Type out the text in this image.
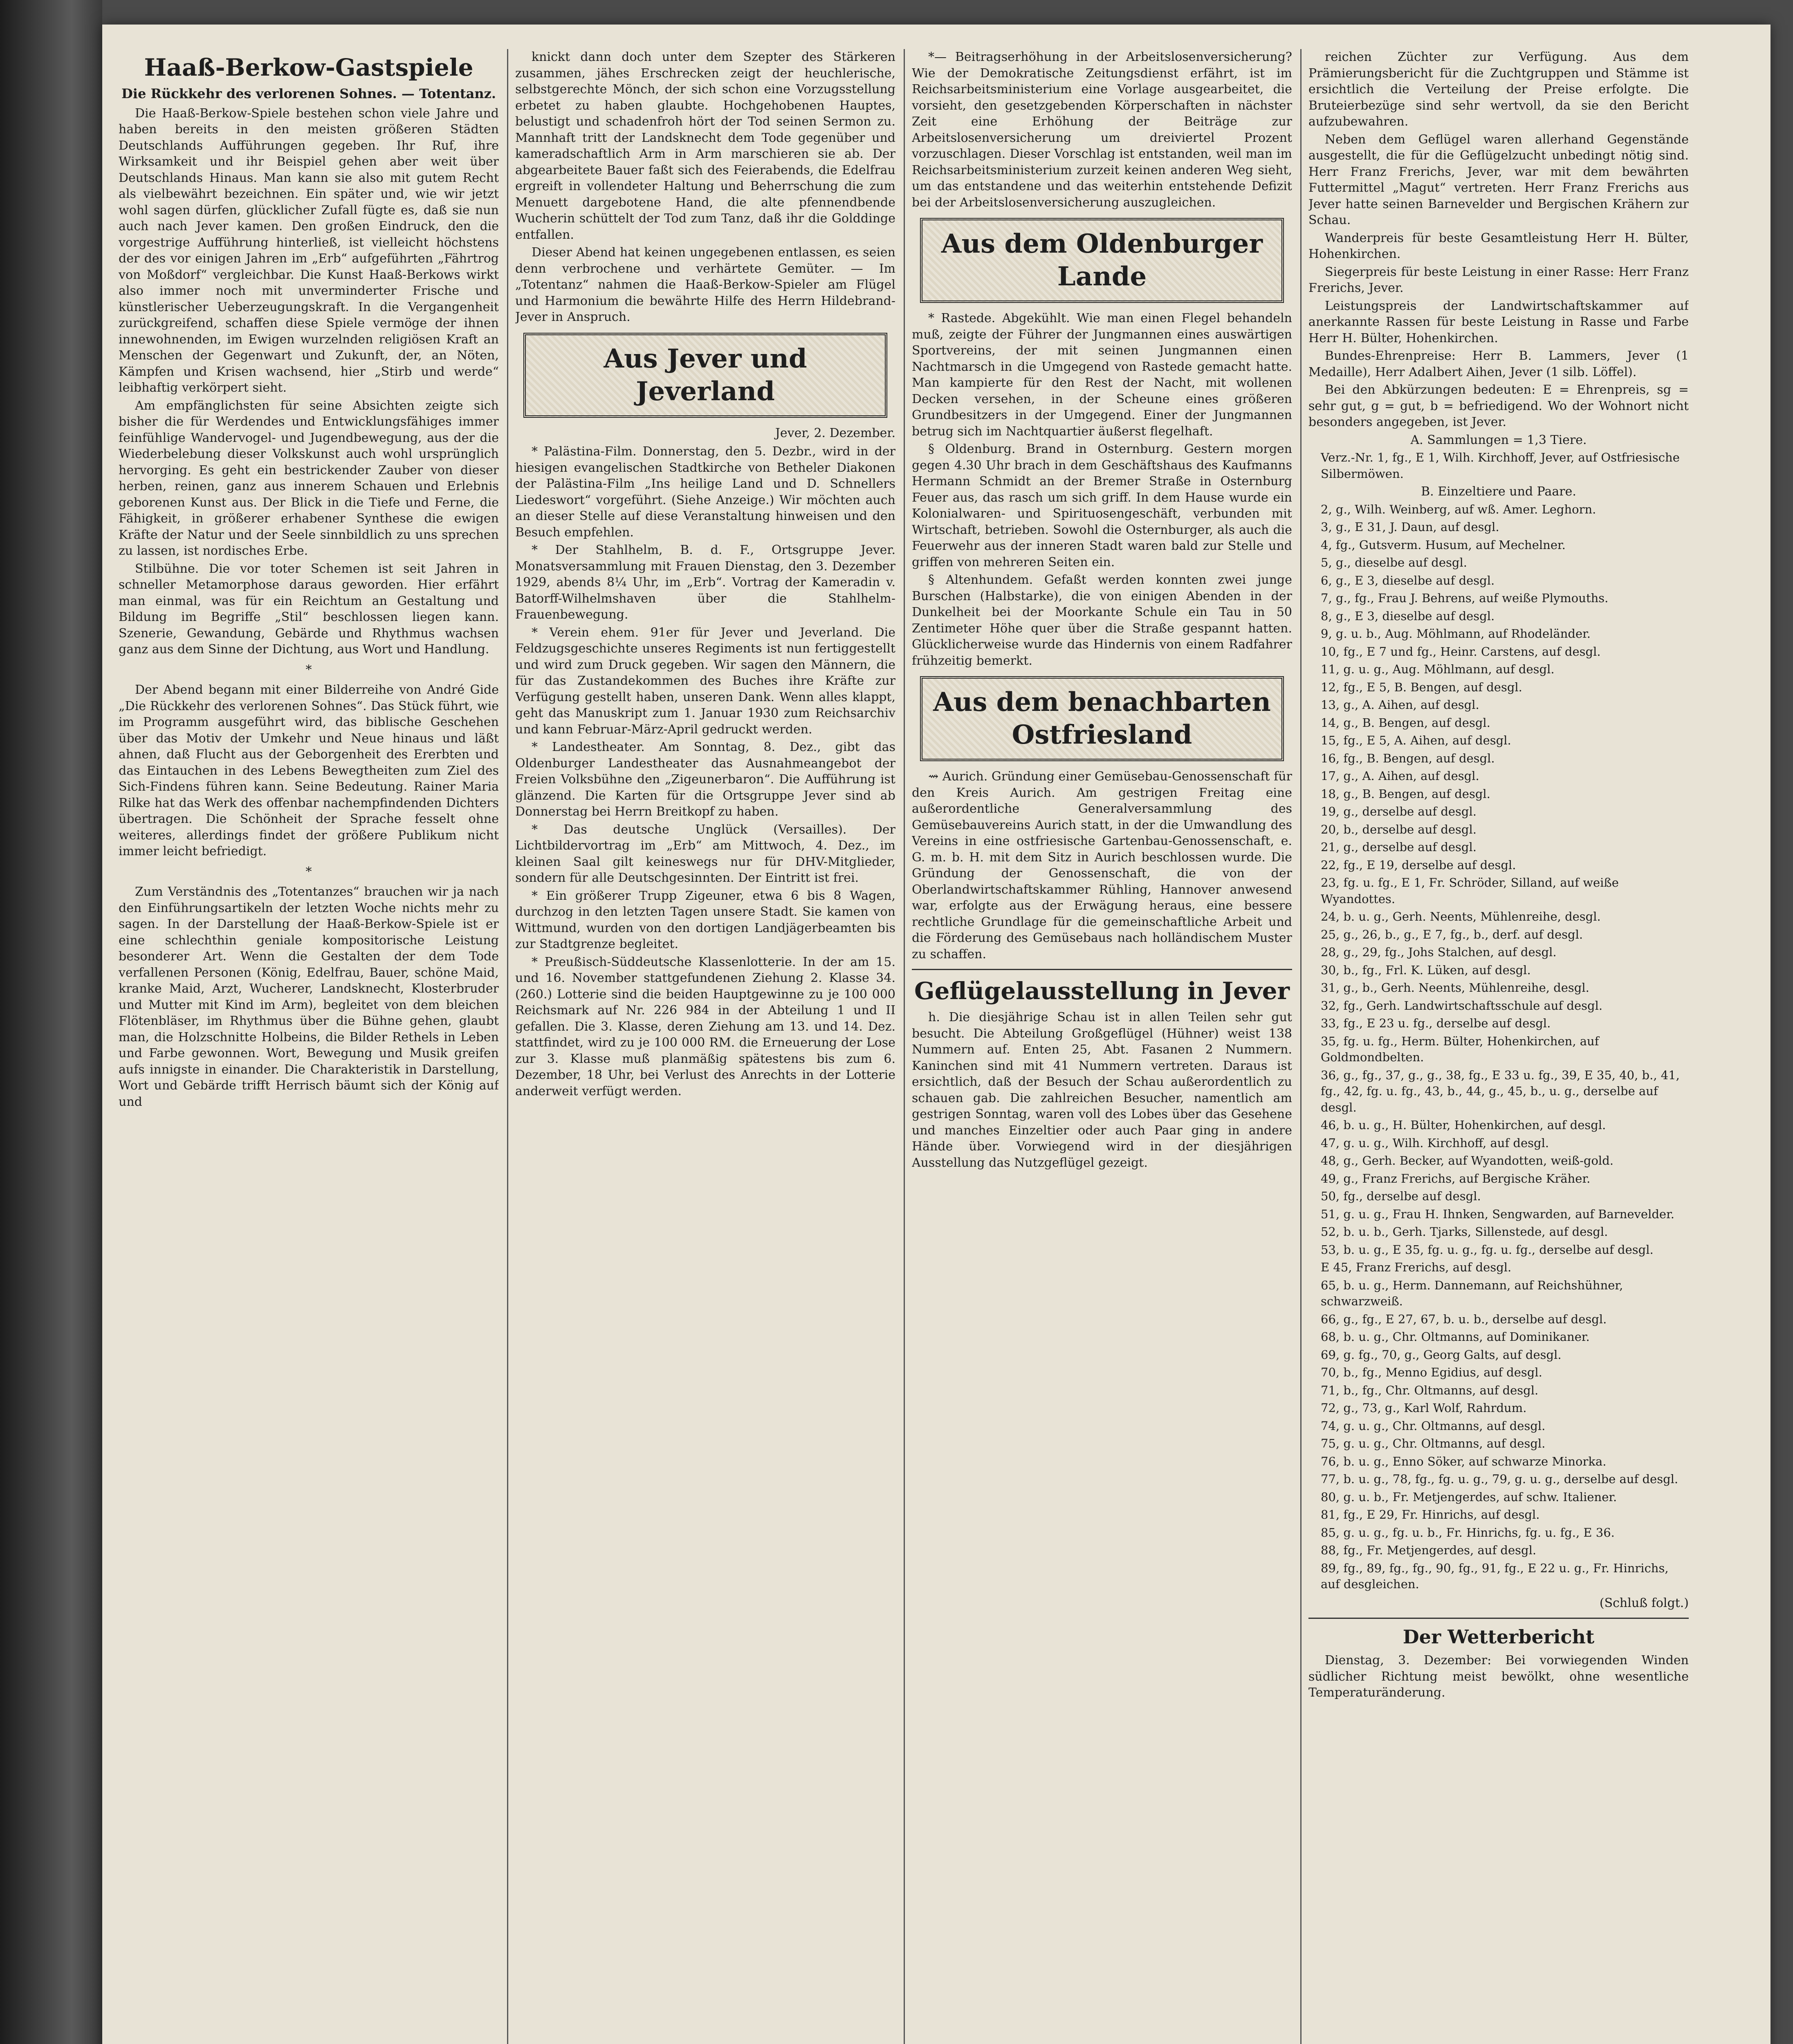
Haaß-Berkow-Gastspiele
Die Rückkehr des verlorenen Sohnes. — Totentanz.

Die Haaß-Berkow-Spiele bestehen schon viele Jahre und haben bereits in den meisten größeren Städten Deutschlands Aufführungen gegeben. Ihr Ruf, ihre Wirksamkeit und ihr Beispiel gehen aber weit über Deutschlands Hinaus. Man kann sie also mit gutem Recht als vielbewährt bezeichnen. Ein später und, wie wir jetzt wohl sagen dürfen, glücklicher Zufall fügte es, daß sie nun auch nach Jever kamen. Den großen Eindruck, den die vorgestrige Aufführung hinterließ, ist vielleicht höchstens der des vor einigen Jahren im „Erb“ aufgeführten „Fährtrog von Moßdorf“ vergleichbar. Die Kunst Haaß-Berkows wirkt also immer noch mit unverminderter Frische und künstlerischer Ueberzeugungskraft. In die Vergangenheit zurückgreifend, schaffen diese Spiele vermöge der ihnen innewohnenden, im Ewigen wurzelnden religiösen Kraft an Menschen der Gegenwart und Zukunft, der, an Nöten, Kämpfen und Krisen wachsend, hier „Stirb und werde“ leibhaftig verkörpert sieht.

Am empfänglichsten für seine Absichten zeigte sich bisher die für Werdendes und Entwicklungsfähiges immer feinfühlige Wandervogel- und Jugendbewegung, aus der die Wiederbelebung dieser Volkskunst auch wohl ursprünglich hervorging. Es geht ein bestrickender Zauber von dieser herben, reinen, ganz aus innerem Schauen und Erlebnis geborenen Kunst aus. Der Blick in die Tiefe und Ferne, die Fähigkeit, in größerer erhabener Synthese die ewigen Kräfte der Natur und der Seele sinnbildlich zu uns sprechen zu lassen, ist nordisches Erbe.

Stilbühne. Die vor toter Schemen ist seit Jahren in schneller Metamorphose daraus geworden. Hier erfährt man einmal, was für ein Reichtum an Gestaltung und Bildung im Begriffe „Stil“ beschlossen liegen kann. Szenerie, Gewandung, Gebärde und Rhythmus wachsen ganz aus dem Sinne der Dichtung, aus Wort und Handlung.

*

Der Abend begann mit einer Bilderreihe von André Gide „Die Rückkehr des verlorenen Sohnes“. Das Stück führt, wie im Programm ausgeführt wird, das biblische Geschehen über das Motiv der Umkehr und Neue hinaus und läßt ahnen, daß Flucht aus der Geborgenheit des Ererbten und das Eintauchen in des Lebens Bewegtheiten zum Ziel des Sich-Findens führen kann. Seine Bedeutung. Rainer Maria Rilke hat das Werk des offenbar nachempfindenden Dichters übertragen. Die Schönheit der Sprache fesselt ohne weiteres, allerdings findet der größere Publikum nicht immer leicht befriedigt.

*

Zum Verständnis des „Totentanzes“ brauchen wir ja nach den Einführungsartikeln der letzten Woche nichts mehr zu sagen. In der Darstellung der Haaß-Berkow-Spiele ist er eine schlechthin geniale kompositorische Leistung besonderer Art. Wenn die Gestalten der dem Tode verfallenen Personen (König, Edelfrau, Bauer, schöne Maid, kranke Maid, Arzt, Wucherer, Landsknecht, Klosterbruder und Mutter mit Kind im Arm), begleitet von dem bleichen Flötenbläser, im Rhythmus über die Bühne gehen, glaubt man, die Holzschnitte Holbeins, die Bilder Rethels in Leben und Farbe gewonnen. Wort, Bewegung und Musik greifen aufs innigste in einander. Die Charakteristik in Darstellung, Wort und Gebärde trifft Herrisch bäumt sich der König auf und

knickt dann doch unter dem Szepter des Stärkeren zusammen, jähes Erschrecken zeigt der heuchlerische, selbstgerechte Mönch, der sich schon eine Vorzugsstellung erbetet zu haben glaubte. Hochgehobenen Hauptes, belustigt und schadenfroh hört der Tod seinen Sermon zu. Mannhaft tritt der Landsknecht dem Tode gegenüber und kameradschaftlich Arm in Arm marschieren sie ab. Der abgearbeitete Bauer faßt sich des Feierabends, die Edelfrau ergreift in vollendeter Haltung und Beherrschung die zum Menuett dargebotene Hand, die alte pfennendbende Wucherin schüttelt der Tod zum Tanz, daß ihr die Golddinge entfallen.

Dieser Abend hat keinen ungegebenen entlassen, es seien denn verbrochene und verhärtete Gemüter. — Im „Totentanz“ nahmen die Haaß-Berkow-Spieler am Flügel und Harmonium die bewährte Hilfe des Herrn Hildebrand-Jever in Anspruch.

Aus Jever und Jeverland
Jever, 2. Dezember.

* Palästina-Film. Donnerstag, den 5. Dezbr., wird in der hiesigen evangelischen Stadtkirche von Betheler Diakonen der Palästina-Film „Ins heilige Land und D. Schnellers Liedeswort“ vorgeführt. (Siehe Anzeige.) Wir möchten auch an dieser Stelle auf diese Veranstaltung hinweisen und den Besuch empfehlen.

* Der Stahlhelm, B. d. F., Ortsgruppe Jever. Monatsversammlung mit Frauen Dienstag, den 3. Dezember 1929, abends 8¼ Uhr, im „Erb“. Vortrag der Kameradin v. Batorff-Wilhelmshaven über die Stahlhelm-Frauenbewegung.

* Verein ehem. 91er für Jever und Jeverland. Die Feldzugsgeschichte unseres Regiments ist nun fertiggestellt und wird zum Druck gegeben. Wir sagen den Männern, die für das Zustandekommen des Buches ihre Kräfte zur Verfügung gestellt haben, unseren Dank. Wenn alles klappt, geht das Manuskript zum 1. Januar 1930 zum Reichsarchiv und kann Februar-März-April gedruckt werden.

* Landestheater. Am Sonntag, 8. Dez., gibt das Oldenburger Landestheater das Ausnahmeangebot der Freien Volksbühne den „Zigeunerbaron“. Die Aufführung ist glänzend. Die Karten für die Ortsgruppe Jever sind ab Donnerstag bei Herrn Breitkopf zu haben.

* Das deutsche Unglück (Versailles). Der Lichtbildervortrag im „Erb“ am Mittwoch, 4. Dez., im kleinen Saal gilt keineswegs nur für DHV-Mitglieder, sondern für alle Deutschgesinnten. Der Eintritt ist frei.

* Ein größerer Trupp Zigeuner, etwa 6 bis 8 Wagen, durchzog in den letzten Tagen unsere Stadt. Sie kamen von Wittmund, wurden von den dortigen Landjägerbeamten bis zur Stadtgrenze begleitet.

* Preußisch-Süddeutsche Klassenlotterie. In der am 15. und 16. November stattgefundenen Ziehung 2. Klasse 34. (260.) Lotterie sind die beiden Hauptgewinne zu je 100 000 Reichsmark auf Nr. 226 984 in der Abteilung 1 und II gefallen. Die 3. Klasse, deren Ziehung am 13. und 14. Dez. stattfindet, wird zu je 100 000 RM. die Erneuerung der Lose zur 3. Klasse muß planmäßig spätestens bis zum 6. Dezember, 18 Uhr, bei Verlust des Anrechts in der Lotterie anderweit verfügt werden.

*— Beitragserhöhung in der Arbeitslosenversicherung? Wie der Demokratische Zeitungsdienst erfährt, ist im Reichsarbeitsministerium eine Vorlage ausgearbeitet, die vorsieht, den gesetzgebenden Körperschaften in nächster Zeit eine Erhöhung der Beiträge zur Arbeitslosenversicherung um dreiviertel Prozent vorzuschlagen. Dieser Vorschlag ist entstanden, weil man im Reichsarbeitsministerium zurzeit keinen anderen Weg sieht, um das entstandene und das weiterhin entstehende Defizit bei der Arbeitslosenversicherung auszugleichen.

Aus dem Oldenburger Lande

* Rastede. Abgekühlt. Wie man einen Flegel behandeln muß, zeigte der Führer der Jungmannen eines auswärtigen Sportvereins, der mit seinen Jungmannen einen Nachtmarsch in die Umgegend von Rastede gemacht hatte. Man kampierte für den Rest der Nacht, mit wollenen Decken versehen, in der Scheune eines größeren Grundbesitzers in der Umgegend. Einer der Jungmannen betrug sich im Nachtquartier äußerst flegelhaft.

§ Oldenburg. Brand in Osternburg. Gestern morgen gegen 4.30 Uhr brach in dem Geschäftshaus des Kaufmanns Hermann Schmidt an der Bremer Straße in Osternburg Feuer aus, das rasch um sich griff. In dem Hause wurde ein Kolonialwaren- und Spirituosengeschäft, verbunden mit Wirtschaft, betrieben. Sowohl die Osternburger, als auch die Feuerwehr aus der inneren Stadt waren bald zur Stelle und griffen von mehreren Seiten ein.

§ Altenhundem. Gefaßt werden konnten zwei junge Burschen (Halbstarke), die von einigen Abenden in der Dunkelheit bei der Moorkante Schule ein Tau in 50 Zentimeter Höhe quer über die Straße gespannt hatten. Glücklicherweise wurde das Hindernis von einem Radfahrer frühzeitig bemerkt.

Aus dem benachbarten Ostfriesland

⇝ Aurich. Gründung einer Gemüsebau-Genossenschaft für den Kreis Aurich. Am gestrigen Freitag eine außerordentliche Generalversammlung des Gemüsebauvereins Aurich statt, in der die Umwandlung des Vereins in eine ostfriesische Gartenbau-Genossenschaft, e. G. m. b. H. mit dem Sitz in Aurich beschlossen wurde. Die Gründung der Genossenschaft, die von der Oberlandwirtschaftskammer Rühling, Hannover anwesend war, erfolgte aus der Erwägung heraus, eine bessere rechtliche Grundlage für die gemeinschaftliche Arbeit und die Förderung des Gemüsebaus nach holländischem Muster zu schaffen.

Geflügelausstellung in Jever

h. Die diesjährige Schau ist in allen Teilen sehr gut besucht. Die Abteilung Großgeflügel (Hühner) weist 138 Nummern auf. Enten 25, Abt. Fasanen 2 Nummern. Kaninchen sind mit 41 Nummern vertreten. Daraus ist ersichtlich, daß der Besuch der Schau außerordentlich zu schauen gab. Die zahlreichen Besucher, namentlich am gestrigen Sonntag, waren voll des Lobes über das Gesehene und manches Einzeltier oder auch Paar ging in andere Hände über. Vorwiegend wird in der diesjährigen Ausstellung das Nutzgeflügel gezeigt.

reichen Züchter zur Verfügung. Aus dem Prämierungsbericht für die Zuchtgruppen und Stämme ist ersichtlich die Verteilung der Preise erfolgte. Die Bruteierbezüge sind sehr wertvoll, da sie den Bericht aufzubewahren.

Neben dem Geflügel waren allerhand Gegenstände ausgestellt, die für die Geflügelzucht unbedingt nötig sind. Herr Franz Frerichs, Jever, war mit dem bewährten Futtermittel „Magut“ vertreten. Herr Franz Frerichs aus Jever hatte seinen Barnevelder und Bergischen Krähern zur Schau.

Wanderpreis für beste Gesamtleistung Herr H. Bülter, Hohenkirchen.

Siegerpreis für beste Leistung in einer Rasse: Herr Franz Frerichs, Jever.

Leistungspreis der Landwirtschaftskammer auf anerkannte Rassen für beste Leistung in Rasse und Farbe Herr H. Bülter, Hohenkirchen.

Bundes-Ehrenpreise: Herr B. Lammers, Jever (1 Medaille), Herr Adalbert Aihen, Jever (1 silb. Löffel).

Bei den Abkürzungen bedeuten: E = Ehrenpreis, sg = sehr gut, g = gut, b = befriedigend. Wo der Wohnort nicht besonders angegeben, ist Jever.

A. Sammlungen = 1,3 Tiere.

Verz.-Nr. 1, fg., E 1, Wilh. Kirchhoff, Jever, auf Ostfriesische Silbermöwen.

B. Einzeltiere und Paare.

2, g., Wilh. Weinberg, auf wß. Amer. Leghorn.

3, g., E 31, J. Daun, auf desgl.

4, fg., Gutsverm. Husum, auf Mechelner.

5, g., dieselbe auf desgl.

6, g., E 3, dieselbe auf desgl.

7, g., fg., Frau J. Behrens, auf weiße Plymouths.

8, g., E 3, dieselbe auf desgl.

9, g. u. b., Aug. Möhlmann, auf Rhodeländer.

10, fg., E 7 und fg., Heinr. Carstens, auf desgl.

11, g. u. g., Aug. Möhlmann, auf desgl.

12, fg., E 5, B. Bengen, auf desgl.

13, g., A. Aihen, auf desgl.

14, g., B. Bengen, auf desgl.

15, fg., E 5, A. Aihen, auf desgl.

16, fg., B. Bengen, auf desgl.

17, g., A. Aihen, auf desgl.

18, g., B. Bengen, auf desgl.

19, g., derselbe auf desgl.

20, b., derselbe auf desgl.

21, g., derselbe auf desgl.

22, fg., E 19, derselbe auf desgl.

23, fg. u. fg., E 1, Fr. Schröder, Silland, auf weiße Wyandottes.

24, b. u. g., Gerh. Neents, Mühlenreihe, desgl.

25, g., 26, b., g., E 7, fg., b., derf. auf desgl.

28, g., 29, fg., Johs Stalchen, auf desgl.

30, b., fg., Frl. K. Lüken, auf desgl.

31, g., b., Gerh. Neents, Mühlenreihe, desgl.

32, fg., Gerh. Landwirtschaftsschule auf desgl.

33, fg., E 23 u. fg., derselbe auf desgl.

35, fg. u. fg., Herm. Bülter, Hohenkirchen, auf Goldmondbelten.

36, g., fg., 37, g., g., 38, fg., E 33 u. fg., 39, E 35, 40, b., 41, fg., 42, fg. u. fg., 43, b., 44, g., 45, b., u. g., derselbe auf desgl.

46, b. u. g., H. Bülter, Hohenkirchen, auf desgl.

47, g. u. g., Wilh. Kirchhoff, auf desgl.

48, g., Gerh. Becker, auf Wyandotten, weiß-gold.

49, g., Franz Frerichs, auf Bergische Kräher.

50, fg., derselbe auf desgl.

51, g. u. g., Frau H. Ihnken, Sengwarden, auf Barnevelder.

52, b. u. b., Gerh. Tjarks, Sillenstede, auf desgl.

53, b. u. g., E 35, fg. u. g., fg. u. fg., derselbe auf desgl.

E 45, Franz Frerichs, auf desgl.

65, b. u. g., Herm. Dannemann, auf Reichshühner, schwarzweiß.

66, g., fg., E 27, 67, b. u. b., derselbe auf desgl.

68, b. u. g., Chr. Oltmanns, auf Dominikaner.

69, g. fg., 70, g., Georg Galts, auf desgl.

70, b., fg., Menno Egidius, auf desgl.

71, b., fg., Chr. Oltmanns, auf desgl.

72, g., 73, g., Karl Wolf, Rahrdum.

74, g. u. g., Chr. Oltmanns, auf desgl.

75, g. u. g., Chr. Oltmanns, auf desgl.

76, b. u. g., Enno Söker, auf schwarze Minorka.

77, b. u. g., 78, fg., fg. u. g., 79, g. u. g., derselbe auf desgl.

80, g. u. b., Fr. Metjengerdes, auf schw. Italiener.

81, fg., E 29, Fr. Hinrichs, auf desgl.

85, g. u. g., fg. u. b., Fr. Hinrichs, fg. u. fg., E 36.

88, fg., Fr. Metjengerdes, auf desgl.

89, fg., 89, fg., fg., 90, fg., 91, fg., E 22 u. g., Fr. Hinrichs, auf desgleichen.

(Schluß folgt.)
Der Wetterbericht

Dienstag, 3. Dezember: Bei vorwiegenden Winden südlicher Richtung meist bewölkt, ohne wesentliche Temperaturänderung.
